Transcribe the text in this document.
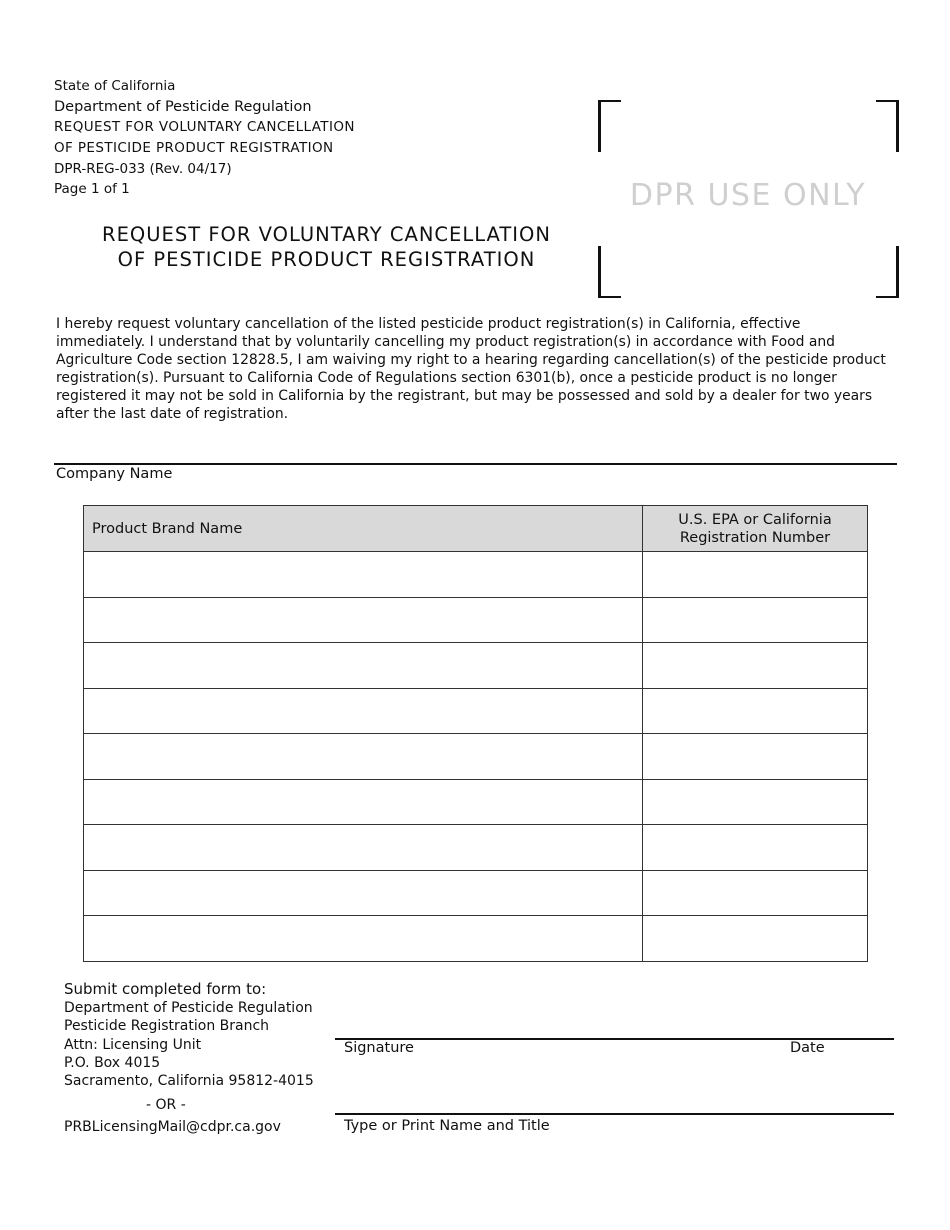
State of California
Department of Pesticide Regulation
REQUEST FOR VOLUNTARY CANCELLATION
OF PESTICIDE PRODUCT REGISTRATION
DPR-REG-033 (Rev. 04/17)
Page 1 of 1
REQUEST FOR VOLUNTARY CANCELLATION
OF PESTICIDE PRODUCT REGISTRATION
DPR USE ONLY
I hereby request voluntary cancellation of the listed pesticide product registration(s) in California, effective immediately. I understand that by voluntarily cancelling my product registration(s) in accordance with Food and Agriculture Code section 12828.5, I am waiving my right to a hearing regarding cancellation(s) of the pesticide product registration(s). Pursuant to California Code of Regulations section 6301(b), once a pesticide product is no longer registered it may not be sold in California by the registrant, but may be possessed and sold by a dealer for two years after the last date of registration.
Company Name
Product Brand Name	U.S. EPA or California
Registration Number

Submit completed form to:
Department of Pesticide Regulation
Pesticide Registration Branch
Attn: Licensing Unit
P.O. Box 4015
Sacramento, California 95812-4015
- OR -
PRBLicensingMail@cdpr.ca.gov
Signature	Date
Type or Print Name and Title
